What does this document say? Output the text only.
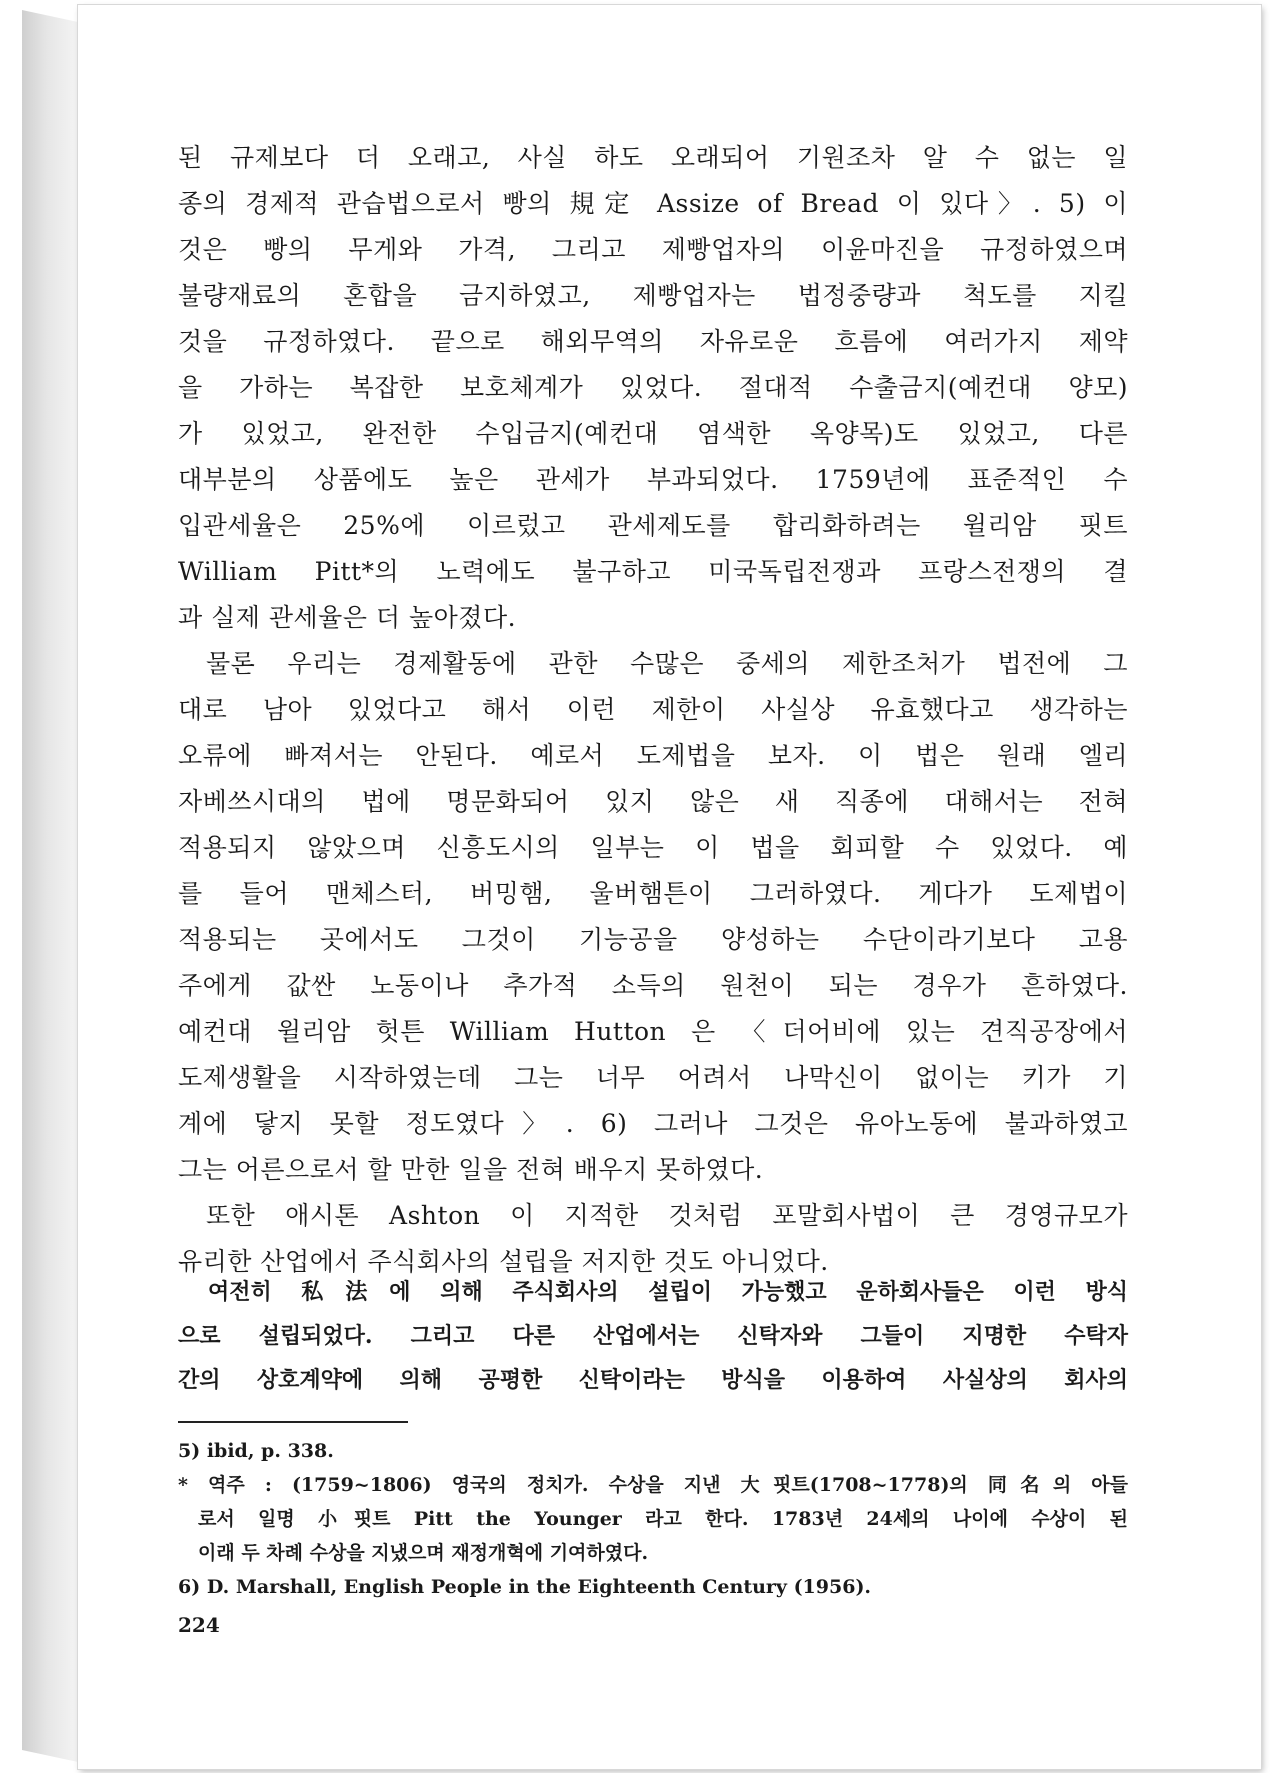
된 규제보다 더 오래고, 사실 하도 오래되어 기원조차 알 수 없는 일
종의 경제적 관습법으로서 빵의 規定 Assize of Bread 이 있다〉. 5) 이
것은 빵의 무게와 가격, 그리고 제빵업자의 이윤마진을 규정하였으며
불량재료의 혼합을 금지하였고, 제빵업자는 법정중량과 척도를 지킬
것을 규정하였다. 끝으로 해외무역의 자유로운 흐름에 여러가지 제약
을 가하는 복잡한 보호체계가 있었다. 절대적 수출금지(예컨대 양모)
가 있었고, 완전한 수입금지(예컨대 염색한 옥양목)도 있었고, 다른
대부분의 상품에도 높은 관세가 부과되었다. 1759년에 표준적인 수
입관세율은 25%에 이르렀고 관세제도를 합리화하려는 윌리암 핏트
William Pitt*의 노력에도 불구하고 미국독립전쟁과 프랑스전쟁의 결
과 실제 관세율은 더 높아졌다.
물론 우리는 경제활동에 관한 수많은 중세의 제한조처가 법전에 그
대로 남아 있었다고 해서 이런 제한이 사실상 유효했다고 생각하는
오류에 빠져서는 안된다. 예로서 도제법을 보자. 이 법은 원래 엘리
자베쓰시대의 법에 명문화되어 있지 않은 새 직종에 대해서는 전혀
적용되지 않았으며 신흥도시의 일부는 이 법을 회피할 수 있었다. 예
를 들어 맨체스터, 버밍햄, 울버햄튼이 그러하였다. 게다가 도제법이
적용되는 곳에서도 그것이 기능공을 양성하는 수단이라기보다 고용
주에게 값싼 노동이나 추가적 소득의 원천이 되는 경우가 흔하였다.
예컨대 윌리암 헛튼 William Hutton 은 〈더어비에 있는 견직공장에서
도제생활을 시작하였는데 그는 너무 어려서 나막신이 없이는 키가 기
계에 닿지 못할 정도였다〉. 6) 그러나 그것은 유아노동에 불과하였고
그는 어른으로서 할 만한 일을 전혀 배우지 못하였다.
또한 애시톤 Ashton 이 지적한 것처럼 포말회사법이 큰 경영규모가
유리한 산업에서 주식회사의 설립을 저지한 것도 아니었다.
여전히 私法에 의해 주식회사의 설립이 가능했고 운하회사들은 이런 방식
으로 설립되었다. 그리고 다른 산업에서는 신탁자와 그들이 지명한 수탁자
간의 상호계약에 의해 공평한 신탁이라는 방식을 이용하여 사실상의 회사의
5) ibid, p. 338.
* 역주 : (1759~1806) 영국의 정치가. 수상을 지낸 大핏트(1708~1778)의 同名의 아들
로서 일명 小핏트 Pitt the Younger 라고 한다. 1783년 24세의 나이에 수상이 된
이래 두 차례 수상을 지냈으며 재정개혁에 기여하였다.
6) D. Marshall, English People in the Eighteenth Century (1956).
224
